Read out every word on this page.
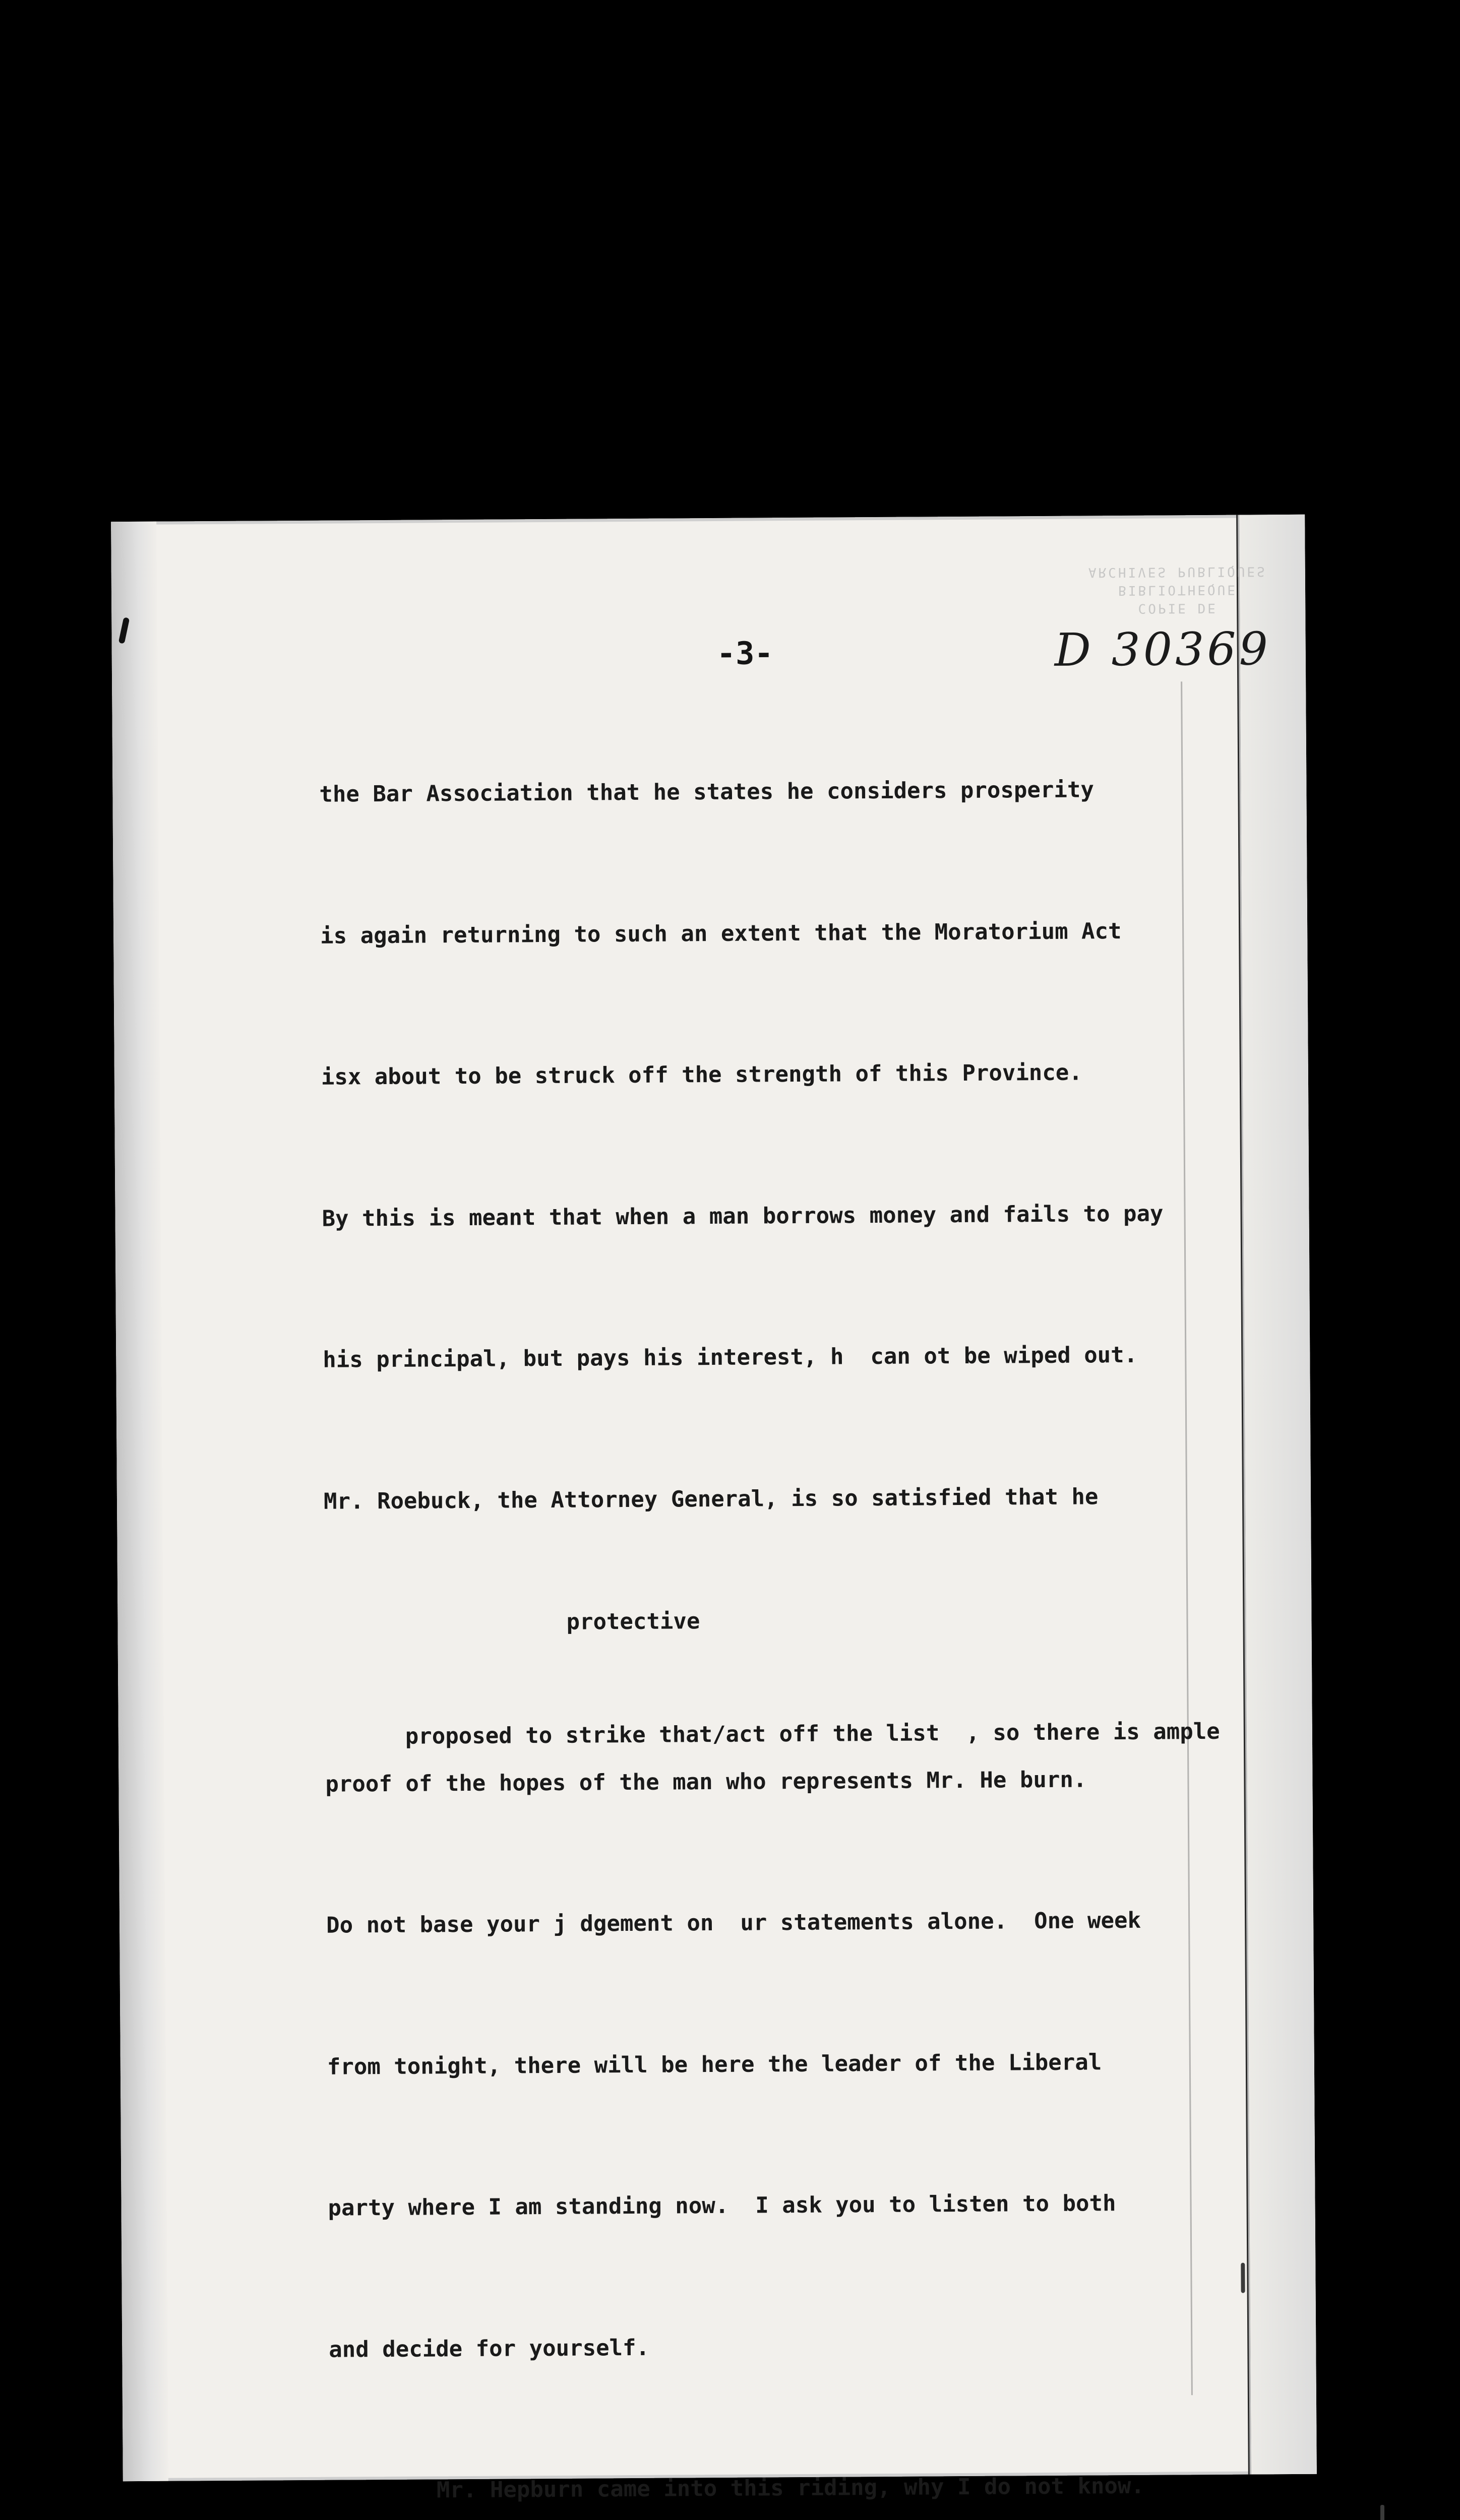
COPIE DE
BIBLIOTHEQUE
ARCHIVES PUBLIQUES
-3-	D 30369

the Bar Association that he states he considers prosperity

is again returning to such an extent that the Moratorium Act

isx about to be struck off the strength of this Province.

By this is meant that when a man borrows money and fails to pay

his principal, but pays his interest, h  can ot be wiped out.

Mr. Roebuck, the Attorney General, is so satisfied that he

protective

proposed to strike that/act off the list  , so there is ample

proof of the hopes of the man who represents Mr. He burn.

Do not base your j dgement on  ur statements alone.  One week

from tonight, there will be here the leader of the Liberal

party where I am standing now.  I ask you to listen to both

and decide for yourself.

Mr. Hepburn came into this riding, why I do not know.
